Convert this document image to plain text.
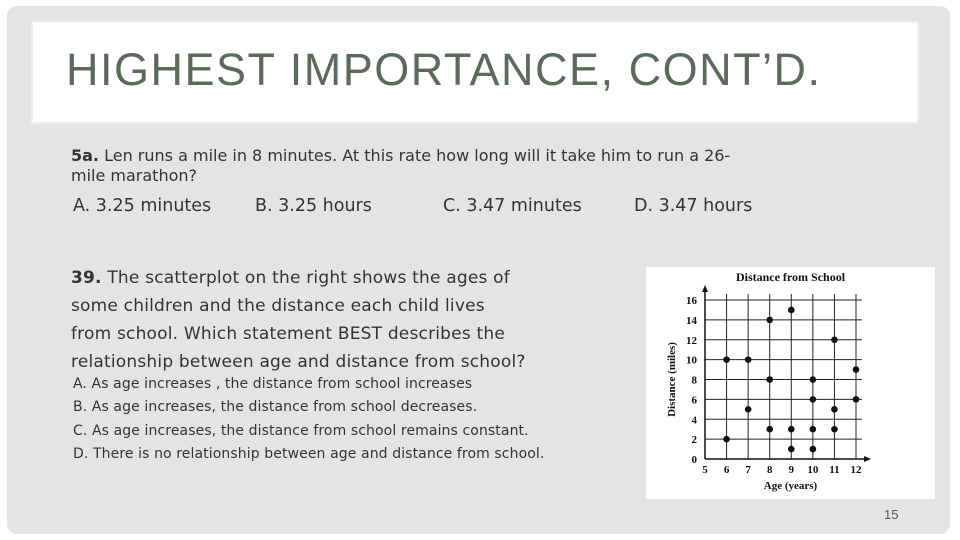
HIGHEST IMPORTANCE, CONT’D.
5a. Len runs a mile in 8 minutes. At this rate how long will it take him to run a 26-
mile marathon?
A. 3.25 minutes	B. 3.25 hours	C. 3.47 minutes	D. 3.47 hours
39. The scatterplot on the right shows the ages of
some children and the distance each child lives
from school. Which statement BEST describes the
relationship between age and distance from school?
A. As age increases , the distance from school increases
B. As age increases, the distance from school decreases.
C. As age increases, the distance from school remains constant.
D. There is no relationship between age and distance from school.
Distance from School
5 6 7 8 9 10 11 12
0
2
4
6
8
10
12
14
16
Age (years)
Distance (miles)
15
